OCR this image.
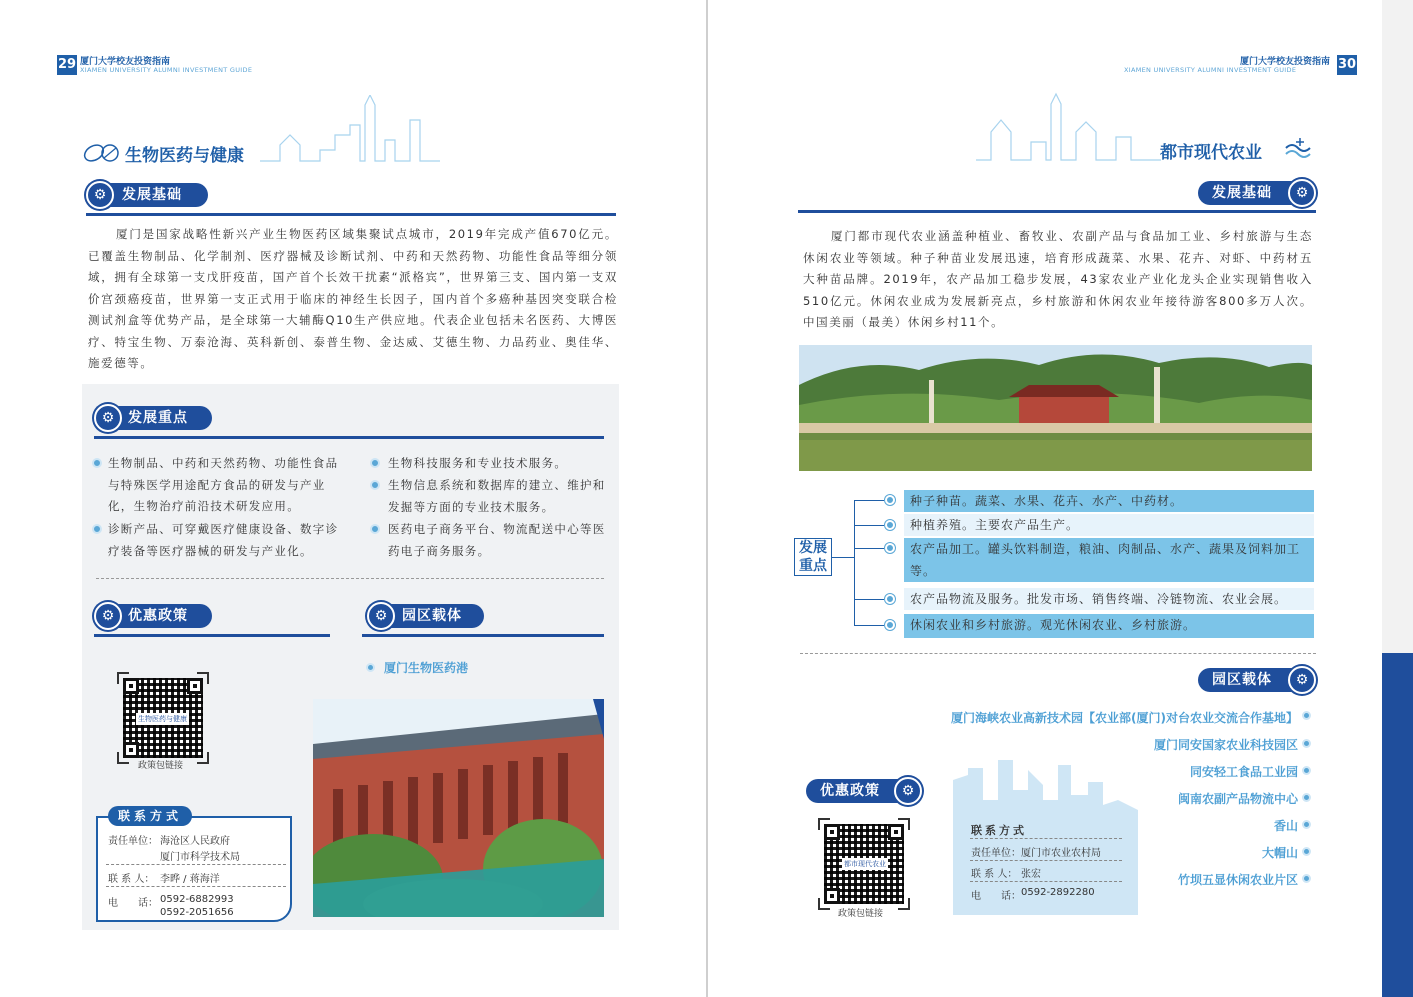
29 厦门大学校友投资指南
XIAMEN UNIVERSITY ALUMNI INVESTMENT GUIDE
生物医药与健康
发展基础
⚙
厦门是国家战略性新兴产业生物医药区域集聚试点城市，2019年完成产值670亿元。已覆盖生物制品、化学制剂、医疗器械及诊断试剂、中药和天然药物、功能性食品等细分领域，拥有全球第一支戊肝疫苗，国产首个长效干扰素“派格宾”，世界第三支、国内第一支双价宫颈癌疫苗，世界第一支正式用于临床的神经生长因子，国内首个多癌种基因突变联合检测试剂盒等优势产品，是全球第一大辅酶Q10生产供应地。代表企业包括未名医药、大博医疗、特宝生物、万泰沧海、英科新创、泰普生物、金达威、艾德生物、力品药业、奥佳华、施爱德等。
发展重点
⚙
生物制品、中药和天然药物、功能性食品与特殊医学用途配方食品的研发与产业化，生物治疗前沿技术研发应用。
诊断产品、可穿戴医疗健康设备、数字诊疗装备等医疗器械的研发与产业化。
生物科技服务和专业技术服务。
生物信息系统和数据库的建立、维护和发掘等方面的专业技术服务。
医药电子商务平台、物流配送中心等医药电子商务服务。
优惠政策
⚙
生物医药与健康
政策包链接
联系方式
责任单位： 海沧区人民政府
厦门市科学技术局
联 系 人： 李晔 / 蒋海洋
电　　话： 0592-6882993
0592-2051656
园区载体
⚙
厦门生物医药港
30
厦门大学校友投资指南
XIAMEN UNIVERSITY ALUMNI INVESTMENT GUIDE
都市现代农业
发展基础	⚙
厦门都市现代农业涵盖种植业、畜牧业、农副产品与食品加工业、乡村旅游与生态休闲农业等领域。种子种苗业发展迅速，培育形成蔬菜、水果、花卉、对虾、中药材五大种苗品牌。2019年，农产品加工稳步发展，43家农业产业化龙头企业实现销售收入510亿元。休闲农业成为发展新亮点，乡村旅游和休闲农业年接待游客800多万人次。中国美丽（最美）休闲乡村11个。
发展重点
种子种苗。蔬菜、水果、花卉、水产、中药材。
种植养殖。主要农产品生产。
农产品加工。罐头饮料制造，粮油、肉制品、水产、蔬果及饲料加工等。
农产品物流及服务。批发市场、销售终端、冷链物流、农业会展。
休闲农业和乡村旅游。观光休闲农业、乡村旅游。
园区载体	⚙
厦门海峡农业高新技术园【农业部(厦门)对台农业交流合作基地】
厦门同安国家农业科技园区
同安轻工食品工业园
闽南农副产品物流中心
香山
大帽山
竹坝五显休闲农业片区
优惠政策	⚙
都市现代农业
政策包链接
联系方式
责任单位： 厦门市农业农村局
联 系 人： 张宏
电　　话： 0592-2892280
